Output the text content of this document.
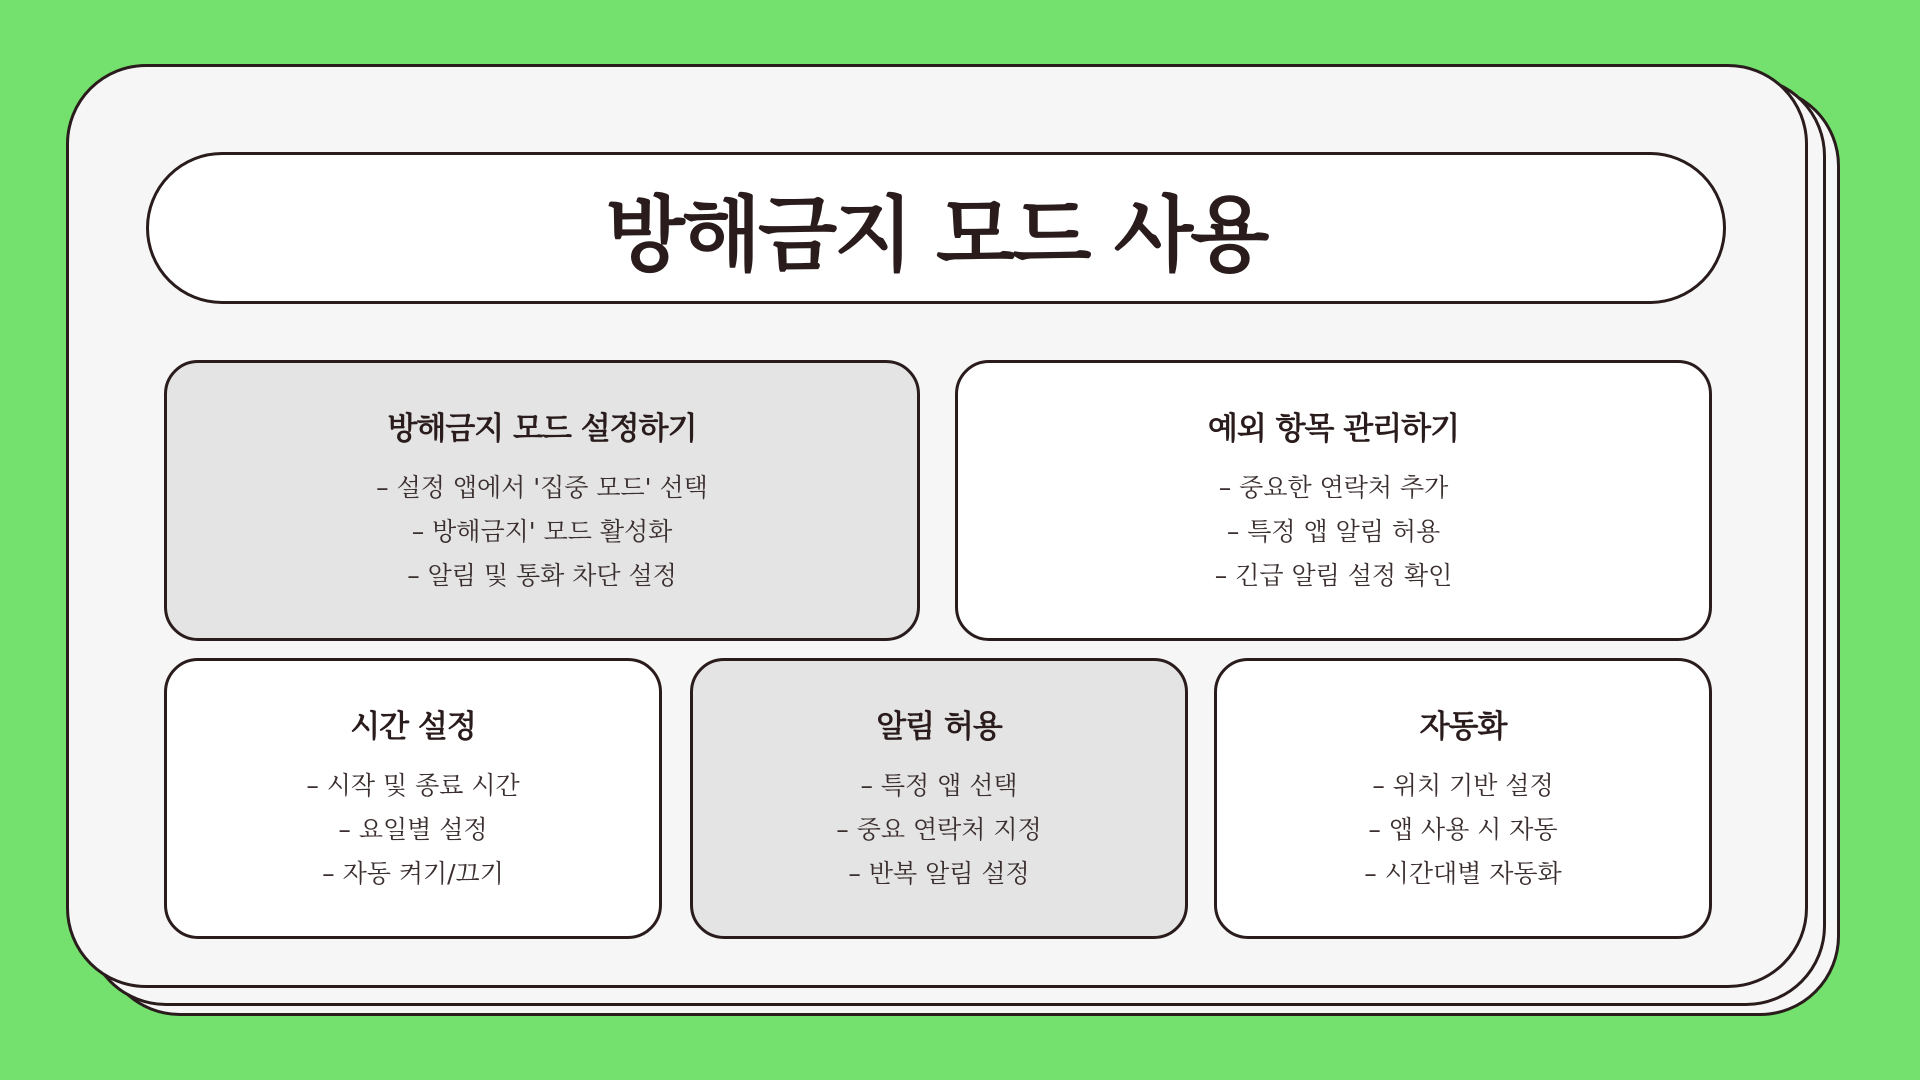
방해금지 모드 사용
방해금지 모드 설정하기
– 설정 앱에서 '집중 모드' 선택
– 방해금지' 모드 활성화
– 알림 및 통화 차단 설정
예외 항목 관리하기
– 중요한 연락처 추가
– 특정 앱 알림 허용
– 긴급 알림 설정 확인
시간 설정
– 시작 및 종료 시간
– 요일별 설정
– 자동 켜기/끄기
알림 허용
– 특정 앱 선택
– 중요 연락처 지정
– 반복 알림 설정
자동화
– 위치 기반 설정
– 앱 사용 시 자동
– 시간대별 자동화
